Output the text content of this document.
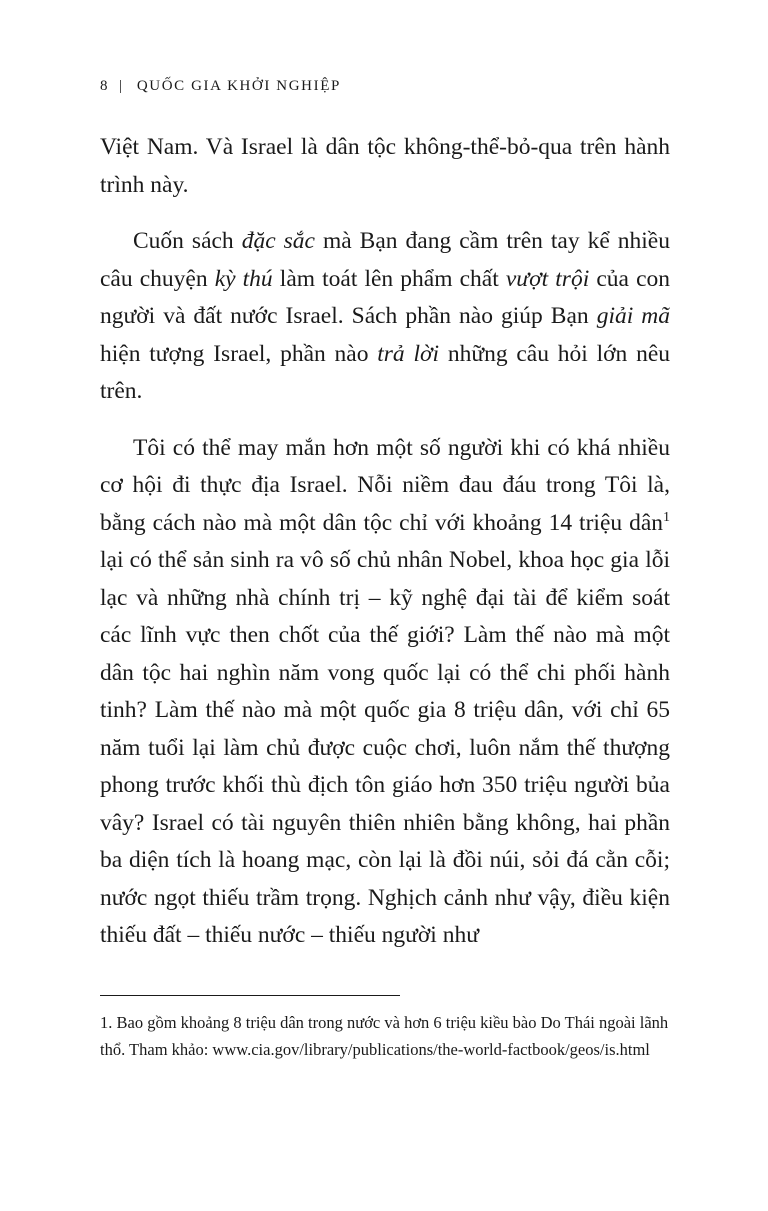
8 | QUỐC GIA KHỞI NGHIỆP

Việt Nam. Và Israel là dân tộc không-thể-bỏ-qua trên hành trình này.

Cuốn sách đặc sắc mà Bạn đang cầm trên tay kể nhiều câu chuyện kỳ thú làm toát lên phẩm chất vượt trội của con người và đất nước Israel. Sách phần nào giúp Bạn giải mã hiện tượng Israel, phần nào trả lời những câu hỏi lớn nêu trên.

Tôi có thể may mắn hơn một số người khi có khá nhiều cơ hội đi thực địa Israel. Nỗi niềm đau đáu trong Tôi là, bằng cách nào mà một dân tộc chỉ với khoảng 14 triệu dân$^1$ lại có thể sản sinh ra vô số chủ nhân Nobel, khoa học gia lỗi lạc và những nhà chính trị – kỹ nghệ đại tài để kiểm soát các lĩnh vực then chốt của thế giới? Làm thế nào mà một dân tộc hai nghìn năm vong quốc lại có thể chi phối hành tinh? Làm thế nào mà một quốc gia 8 triệu dân, với chỉ 65 năm tuổi lại làm chủ được cuộc chơi, luôn nắm thế thượng phong trước khối thù địch tôn giáo hơn 350 triệu người bủa vây? Israel có tài nguyên thiên nhiên bằng không, hai phần ba diện tích là hoang mạc, còn lại là đồi núi, sỏi đá cằn cỗi; nước ngọt thiếu trầm trọng. Nghịch cảnh như vậy, điều kiện thiếu đất – thiếu nước – thiếu người như

1. Bao gồm khoảng 8 triệu dân trong nước và hơn 6 triệu kiều bào Do Thái ngoài lãnh thổ. Tham khảo: www.cia.gov/library/publications/the-world-factbook/geos/is.html
